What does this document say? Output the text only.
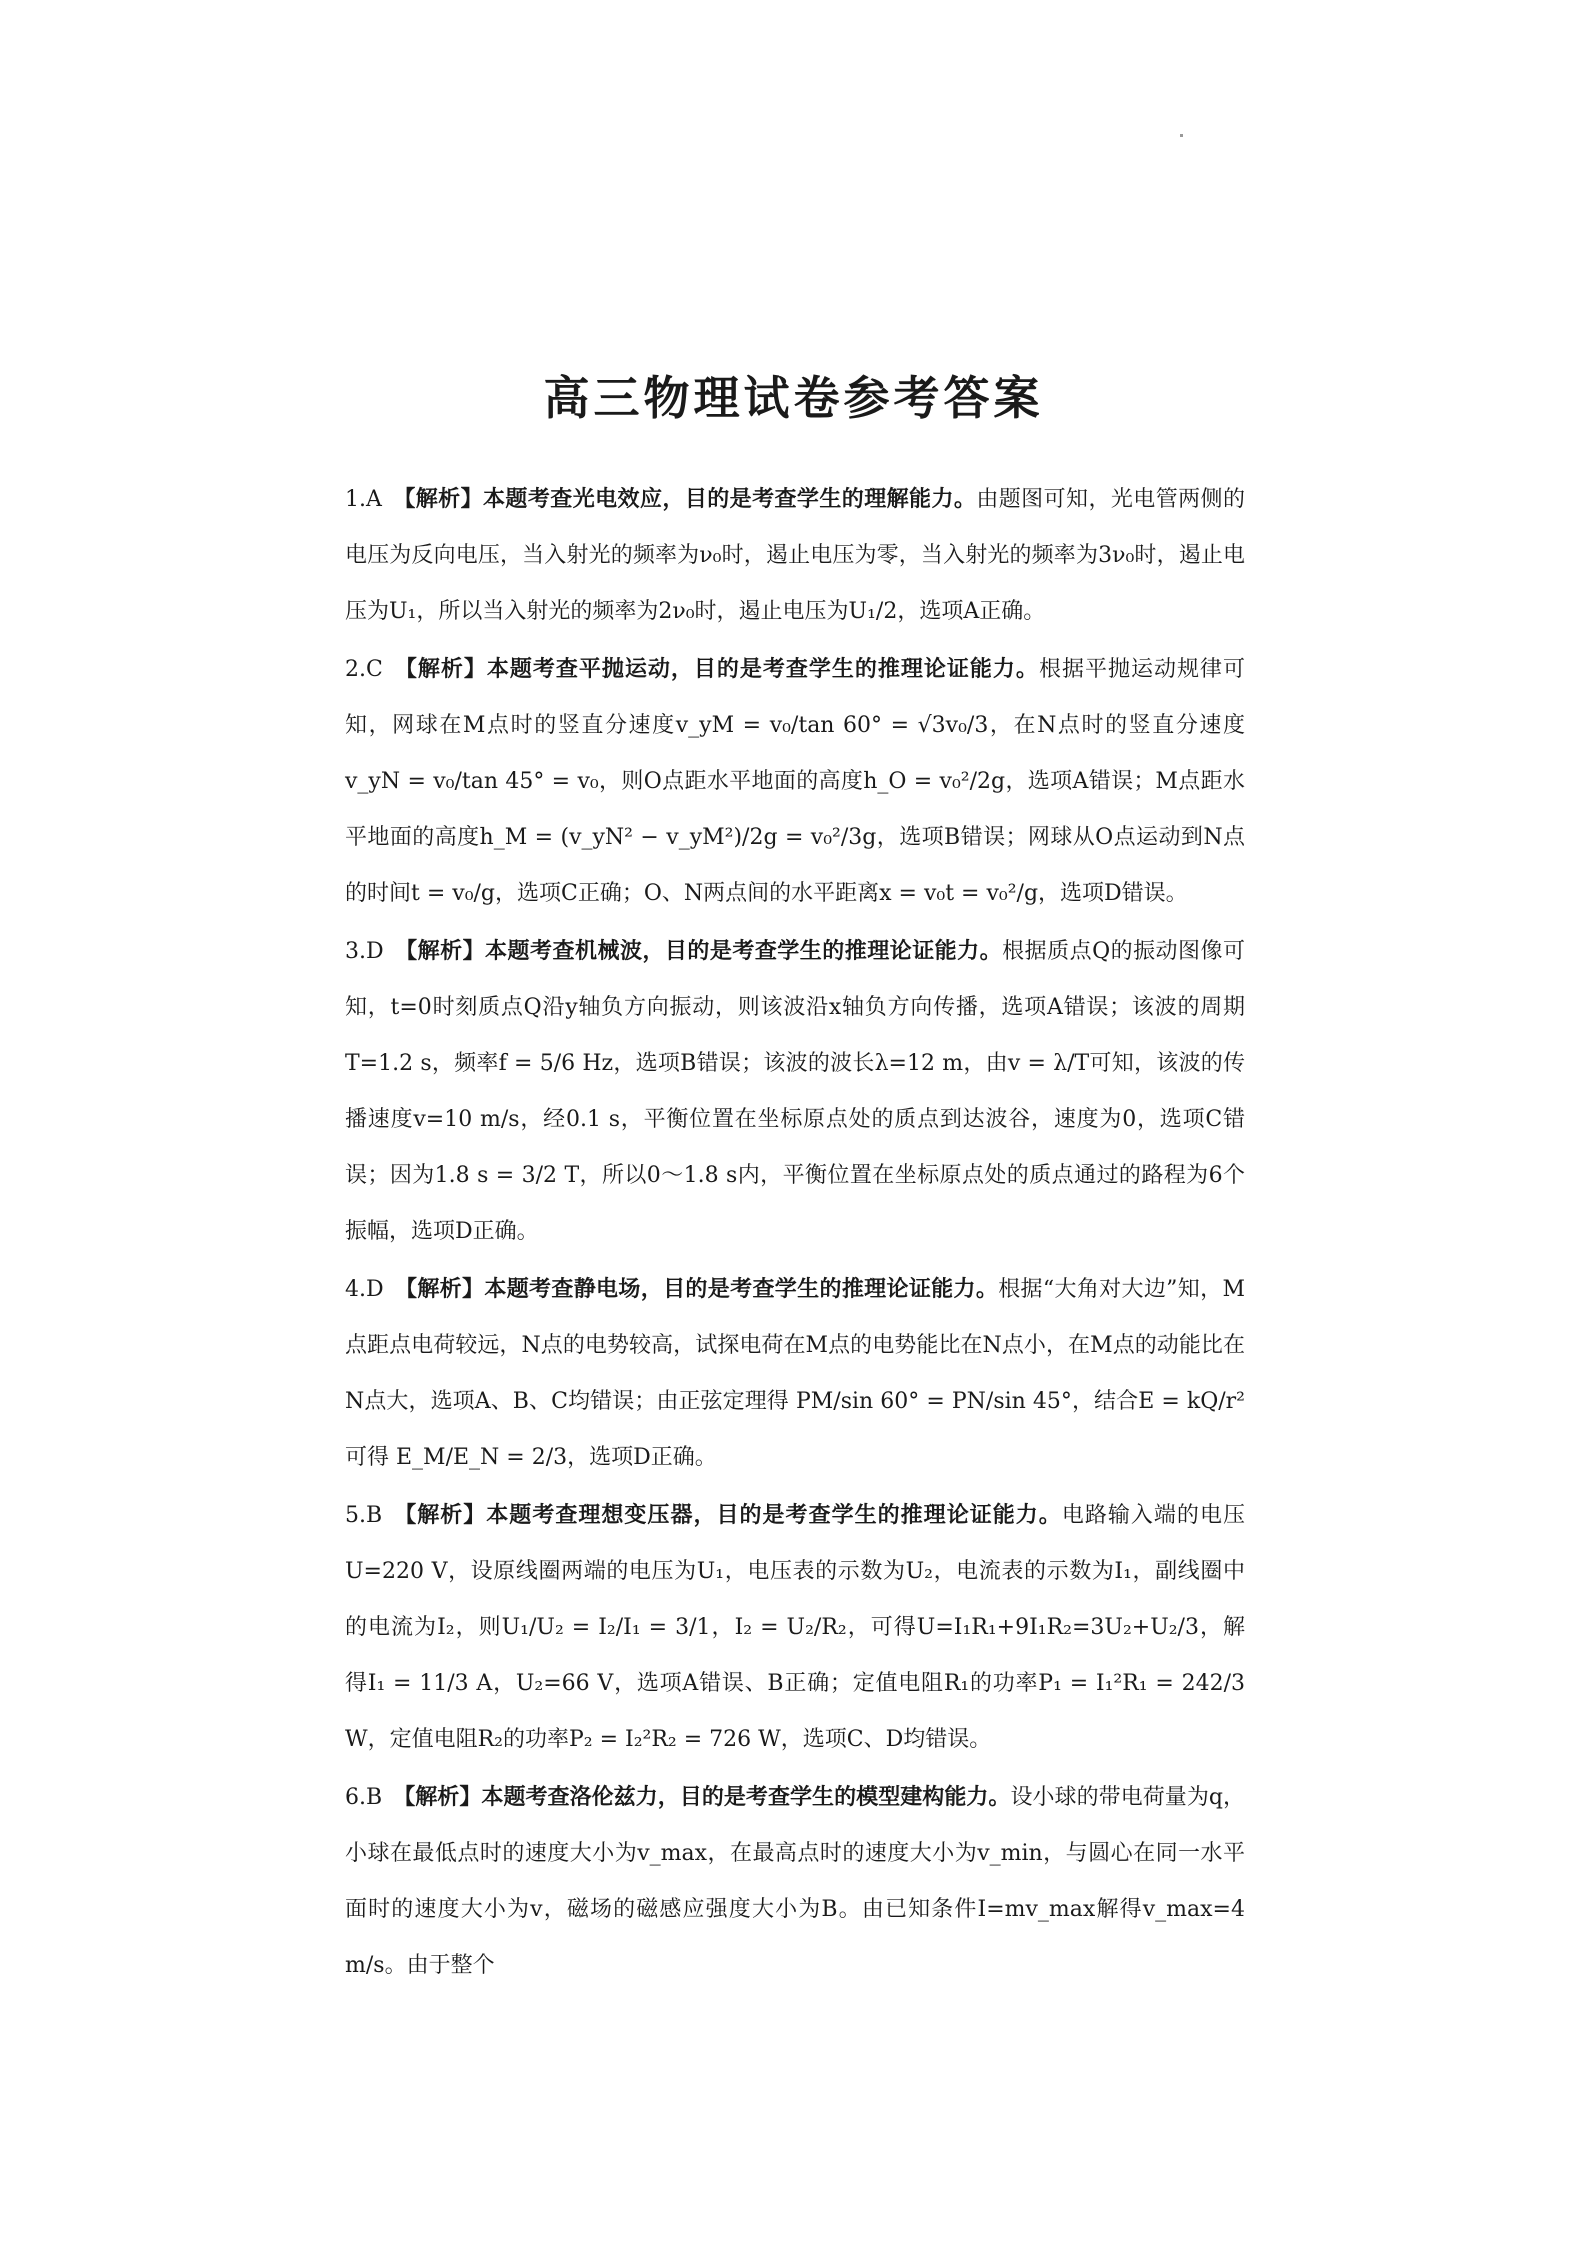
高三物理试卷参考答案
1.A 【解析】本题考查光电效应，目的是考查学生的理解能力。由题图可知，光电管两侧的电压为反向电压，当入射光的频率为ν₀时，遏止电压为零，当入射光的频率为3ν₀时，遏止电压为U₁，所以当入射光的频率为2ν₀时，遏止电压为U₁/2，选项A正确。
2.C 【解析】本题考查平抛运动，目的是考查学生的推理论证能力。根据平抛运动规律可知，网球在M点时的竖直分速度v_yM = v₀/tan 60° = √3v₀/3，在N点时的竖直分速度v_yN = v₀/tan 45° = v₀，则O点距水平地面的高度h_O = v₀²/2g，选项A错误；M点距水平地面的高度h_M = (v_yN² − v_yM²)/2g = v₀²/3g，选项B错误；网球从O点运动到N点的时间t = v₀/g，选项C正确；O、N两点间的水平距离x = v₀t = v₀²/g，选项D错误。
3.D 【解析】本题考查机械波，目的是考查学生的推理论证能力。根据质点Q的振动图像可知，t=0时刻质点Q沿y轴负方向振动，则该波沿x轴负方向传播，选项A错误；该波的周期T=1.2 s，频率f = 5/6 Hz，选项B错误；该波的波长λ=12 m，由v = λ/T可知，该波的传播速度v=10 m/s，经0.1 s，平衡位置在坐标原点处的质点到达波谷，速度为0，选项C错误；因为1.8 s = 3/2 T，所以0～1.8 s内，平衡位置在坐标原点处的质点通过的路程为6个振幅，选项D正确。
4.D 【解析】本题考查静电场，目的是考查学生的推理论证能力。根据“大角对大边”知，M点距点电荷较远，N点的电势较高，试探电荷在M点的电势能比在N点小，在M点的动能比在N点大，选项A、B、C均错误；由正弦定理得 PM/sin 60° = PN/sin 45°，结合E = kQ/r² 可得 E_M/E_N = 2/3，选项D正确。
5.B 【解析】本题考查理想变压器，目的是考查学生的推理论证能力。电路输入端的电压U=220 V，设原线圈两端的电压为U₁，电压表的示数为U₂，电流表的示数为I₁，副线圈中的电流为I₂，则U₁/U₂ = I₂/I₁ = 3/1，I₂ = U₂/R₂，可得U=I₁R₁+9I₁R₂=3U₂+U₂/3，解得I₁ = 11/3 A，U₂=66 V，选项A错误、B正确；定值电阻R₁的功率P₁ = I₁²R₁ = 242/3 W，定值电阻R₂的功率P₂ = I₂²R₂ = 726 W，选项C、D均错误。
6.B 【解析】本题考查洛伦兹力，目的是考查学生的模型建构能力。设小球的带电荷量为q，小球在最低点时的速度大小为v_max，在最高点时的速度大小为v_min，与圆心在同一水平面时的速度大小为v，磁场的磁感应强度大小为B。由已知条件I=mv_max解得v_max=4 m/s。由于整个
